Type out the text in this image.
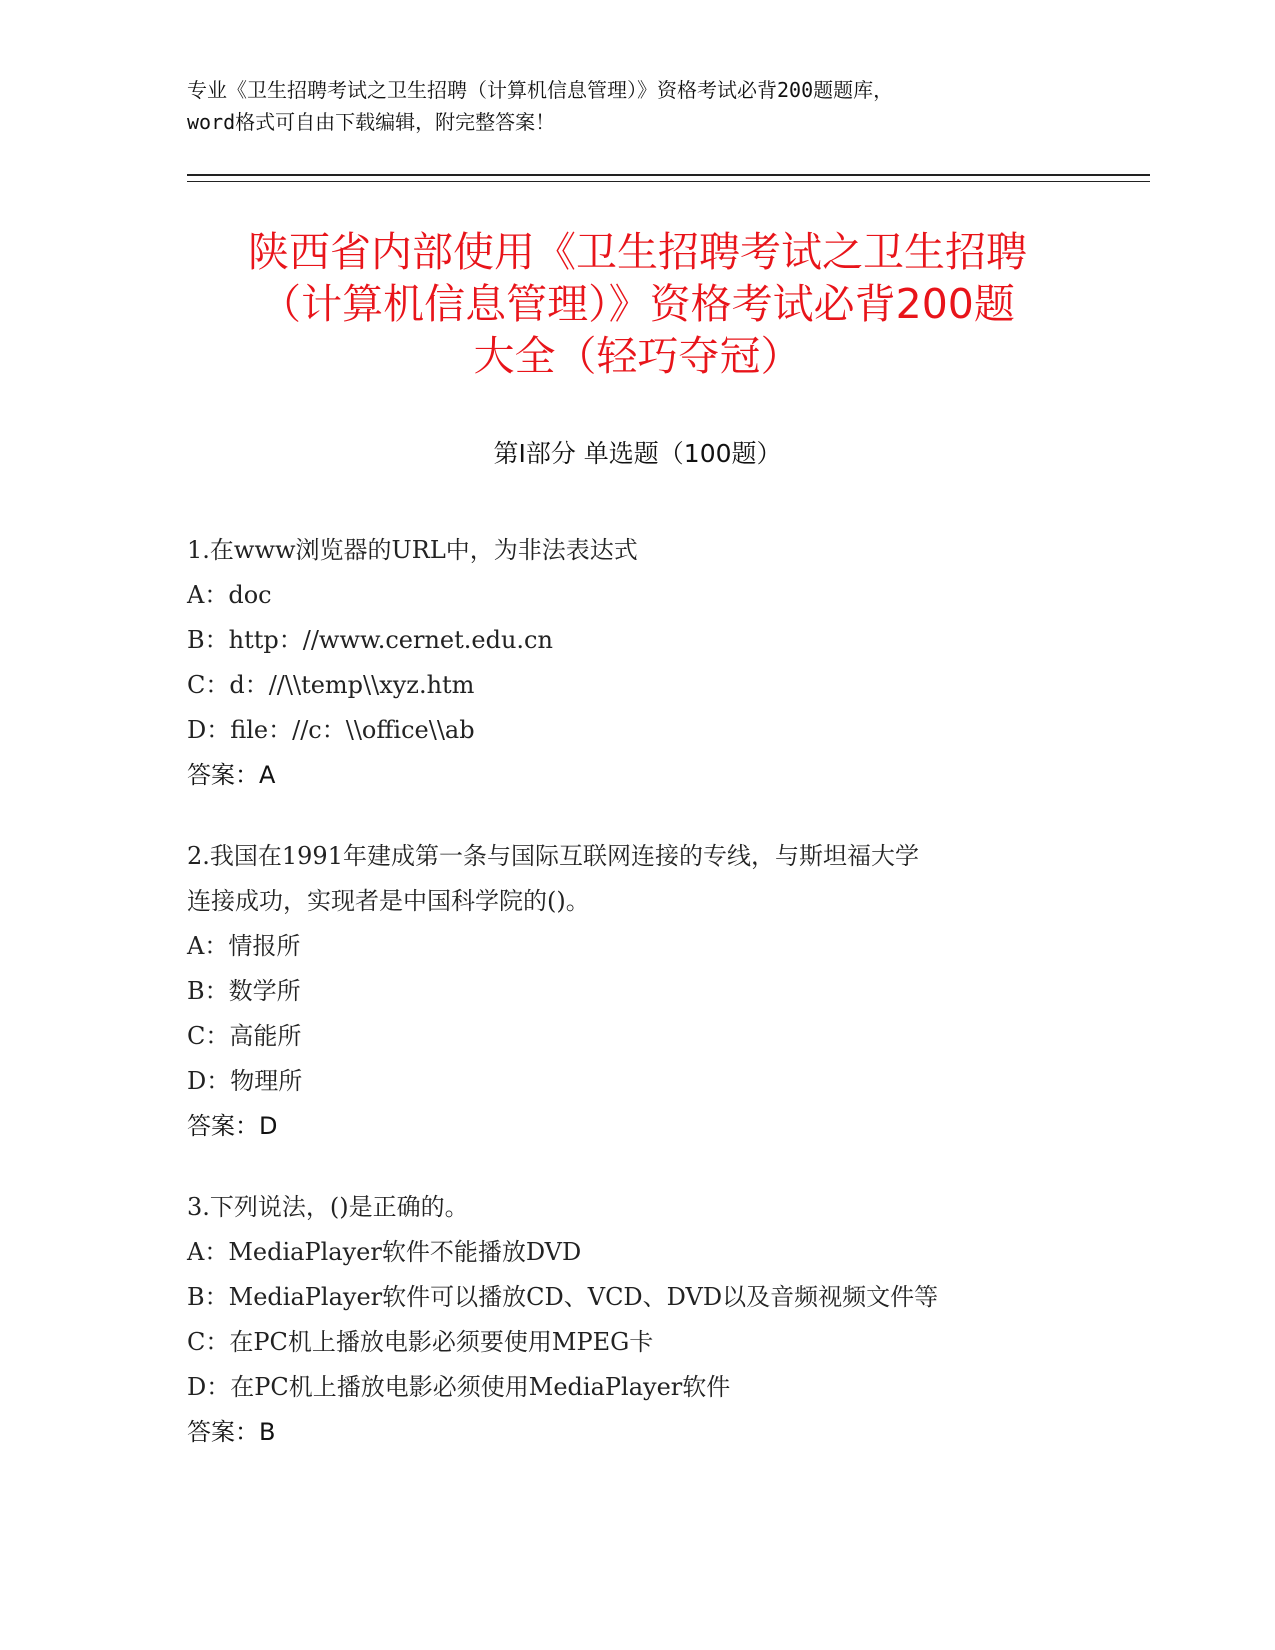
专业《卫生招聘考试之卫生招聘（计算机信息管理）》资格考试必背200题题库，
word格式可自由下载编辑，附完整答案！
陕西省内部使用《卫生招聘考试之卫生招聘
（计算机信息管理）》资格考试必背200题
大全（轻巧夺冠）
第Ⅰ部分 单选题（100题）
1.在www浏览器的URL中，为非法表达式
A：doc
B：http：//www.cernet.edu.cn
C：d：//\\temp\\xyz.htm
D：file：//c：\\office\\ab
答案：A
2.我国在1991年建成第一条与国际互联网连接的专线，与斯坦福大学
连接成功，实现者是中国科学院的()。
A：情报所
B：数学所
C：高能所
D：物理所
答案：D
3.下列说法，()是正确的。
A：MediaPlayer软件不能播放DVD
B：MediaPlayer软件可以播放CD、VCD、DVD以及音频视频文件等
C：在PC机上播放电影必须要使用MPEG卡
D：在PC机上播放电影必须使用MediaPlayer软件
答案：B
